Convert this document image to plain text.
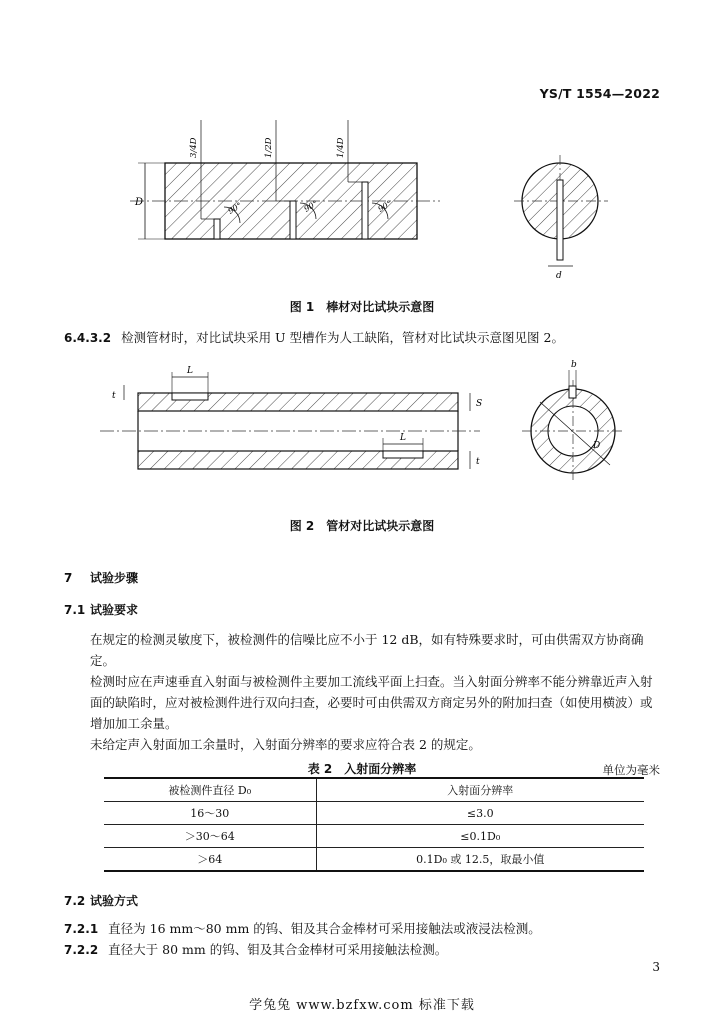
YS/T 1554—2022
D
3/4D	1/2D	1/4D
90°	90°	90°
d
图 1　棒材对比试块示意图
6.4.3.2 检测管材时，对比试块采用 U 型槽作为人工缺陷，管材对比试块示意图见图 2。
L
L
t
S
t
b
D
图 2　管材对比试块示意图
7 试验步骤
7.1 试验要求
在规定的检测灵敏度下，被检测件的信噪比应不小于 12 dB，如有特殊要求时，可由供需双方协商确定。
检测时应在声速垂直入射面与被检测件主要加工流线平面上扫查。当入射面分辨率不能分辨靠近声入射面的缺陷时，应对被检测件进行双向扫查，必要时可由供需双方商定另外的附加扫查（如使用横波）或增加加工余量。
未给定声入射面加工余量时，入射面分辨率的要求应符合表 2 的规定。
表 2　入射面分辨率	单位为毫米
被检测件直径 D₀	入射面分辨率
16～30	≤3.0
＞30～64	≤0.1D₀
＞64	0.1D₀ 或 12.5，取最小值
7.2 试验方式
7.2.1 直径为 16 mm～80 mm 的钨、钼及其合金棒材可采用接触法或液浸法检测。
7.2.2 直径大于 80 mm 的钨、钼及其合金棒材可采用接触法检测。
3
学兔兔 www.bzfxw.com 标准下载
